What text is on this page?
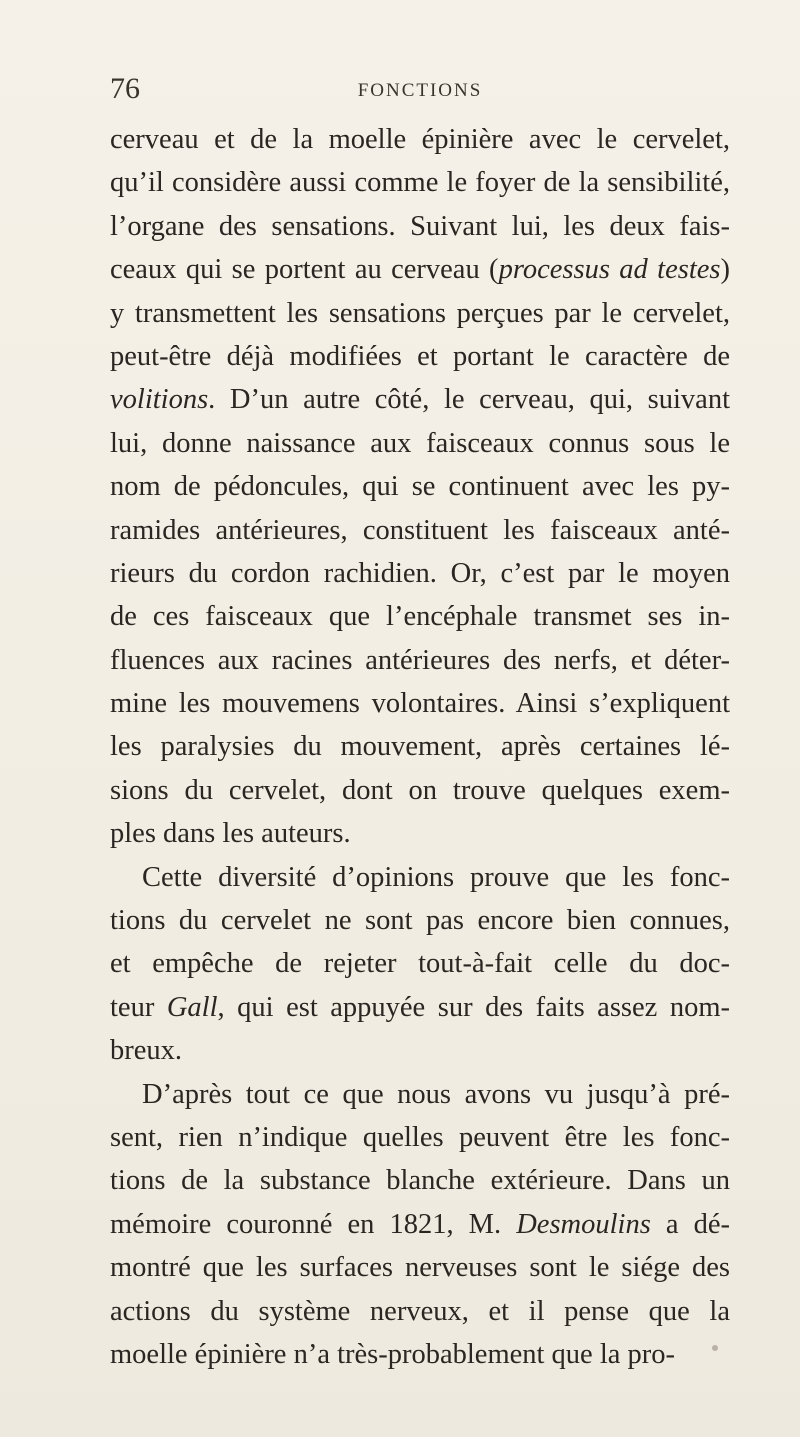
76	FONCTIONS
cerveau et de la moelle épinière avec le cervelet,
qu’il considère aussi comme le foyer de la sensibilité,
l’organe des sensations. Suivant lui, les deux fais-
ceaux qui se portent au cerveau (processus ad testes)
y transmettent les sensations perçues par le cervelet,
peut-être déjà modifiées et portant le caractère de
volitions. D’un autre côté, le cerveau, qui, suivant
lui, donne naissance aux faisceaux connus sous le
nom de pédoncules, qui se continuent avec les py-
ramides antérieures, constituent les faisceaux anté-
rieurs du cordon rachidien. Or, c’est par le moyen
de ces faisceaux que l’encéphale transmet ses in-
fluences aux racines antérieures des nerfs, et déter-
mine les mouvemens volontaires. Ainsi s’expliquent
les paralysies du mouvement, après certaines lé-
sions du cervelet, dont on trouve quelques exem-
ples dans les auteurs.
Cette diversité d’opinions prouve que les fonc-
tions du cervelet ne sont pas encore bien connues,
et empêche de rejeter tout-à-fait celle du doc-
teur Gall, qui est appuyée sur des faits assez nom-
breux.
D’après tout ce que nous avons vu jusqu’à pré-
sent, rien n’indique quelles peuvent être les fonc-
tions de la substance blanche extérieure. Dans un
mémoire couronné en 1821, M. Desmoulins a dé-
montré que les surfaces nerveuses sont le siége des
actions du système nerveux, et il pense que la
moelle épinière n’a très-probablement que la pro-
